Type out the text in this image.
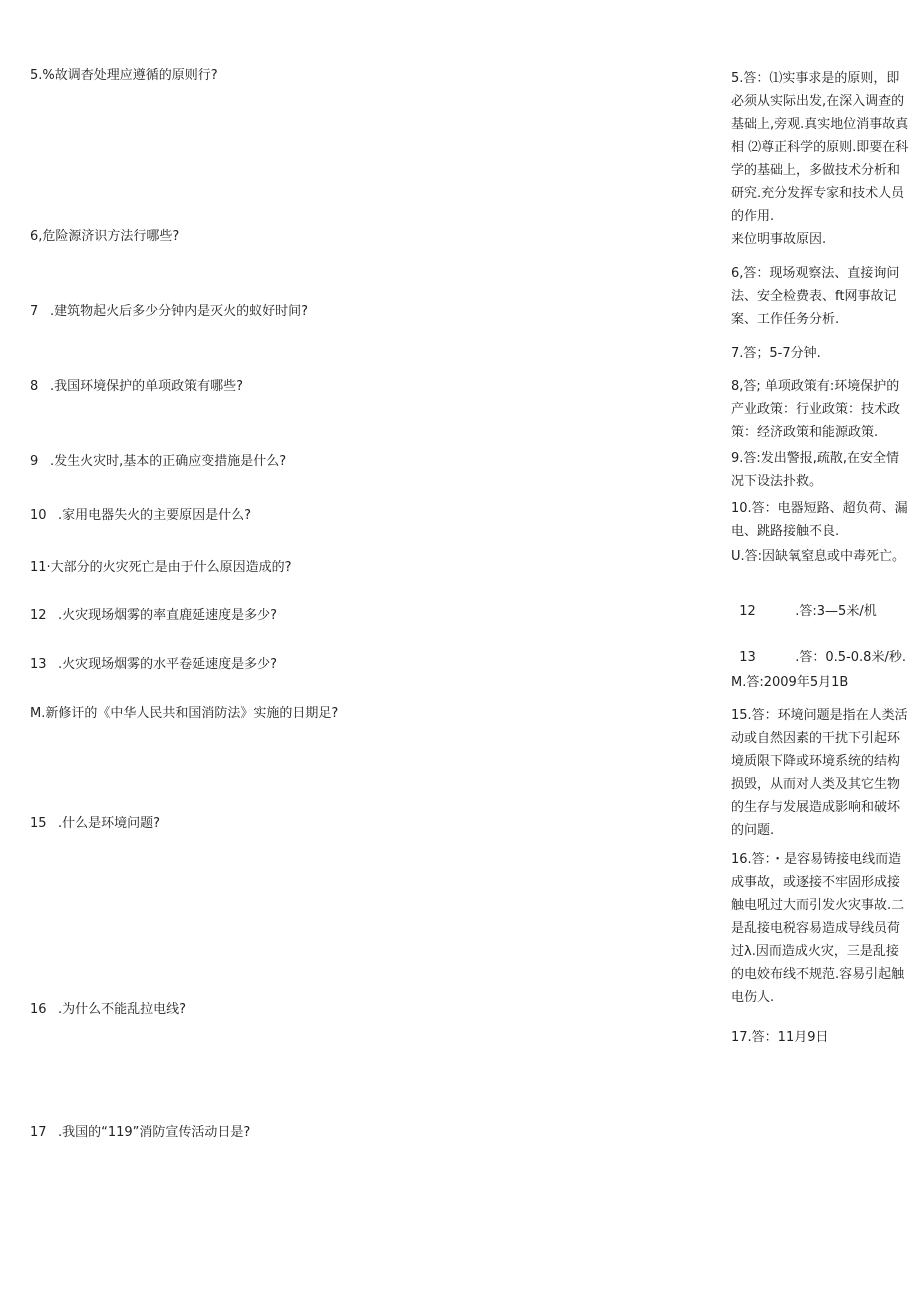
5.%故调杳处理应遵循的原则行?
6,危险源济识方法行哪些?
7 .建筑物起火后多少分钟内是灭火的蚁好时间?
8 .我国环境保护的单项政策有哪些?
9 .发生火灾时,基本的正确应变措施是什么?
10 .家用电器失火的主要原因是什么?
11·大部分的火灾死亡是由于什么原因造成的?
12 .火灾现场烟雾的率直鹿延速度是多少?
13 .火灾现场烟雾的水平卷延速度是多少?
M.新修讦的《中华人民共和国消防法》实施的日期足?
15 .什么是环境问题?
16 .为什么不能乱拉电线?
17 .我国的“119”消防宣传活动日是?
5.答：⑴实事求是的原则，即必须从实际出发,在深入调查的基础上,旁观.真实地位消事故真相 ⑵尊正科学的原则.即要在科学的基础上，多做技术分析和研究.充分发挥专家和技术人员的作用.
来位明事故原因.
6,答：现场观察法、直接询问法、安全检费表、ft网事故记案、工作任务分析.
7.答；5-7分钟.
8,答; 单项政策有:环境保护的产业政策：行业政策：技术政策：经济政策和能源政策.
9.答:发出警报,疏散,在安全情况下设法扑救。
10.答：电器短路、超负荷、漏电、跳路接触不良.
U.答:因缺氧窒息或中毒死亡。

12	.答:3—5米/机

13	.答：0.5-0.8米/秒.

M.答:2009年5月1B
15.答：环境问题是指在人类活动或自然因素的干扰下引起环境质限下降或环境系统的结构损毁，从而对人类及其它生物的生存与发展造成影响和破坏的问题.
16.答：・是容易铸接电线而造成事故，或逐接不牢固形成接触电吼过大而引发火灾事故.二是乱接电税容易造成导线员荷过λ.因而造成火灾，三是乱接的电姣布线不规范.容易引起触电伤人.
17.答：11月9日
